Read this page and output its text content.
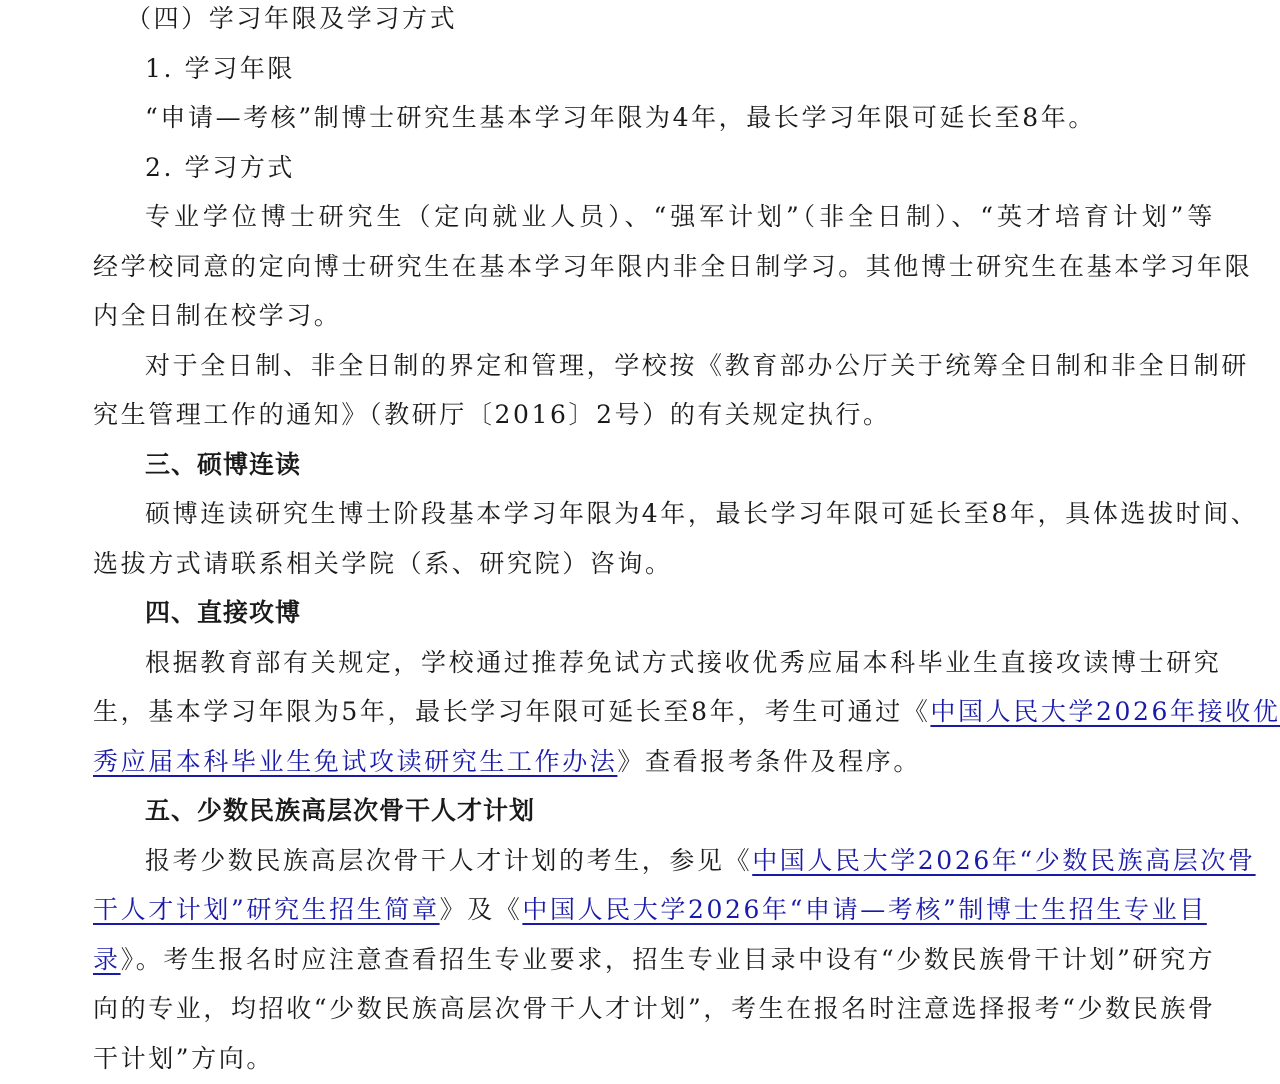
（四）学习年限及学习方式
1. 学习年限
“申请—考核”制博士研究生基本学习年限为4年，最长学习年限可延长至8年。
2. 学习方式
专业学位博士研究生（定向就业人员）、“强军计划”（非全日制）、“英才培育计划”等
经学校同意的定向博士研究生在基本学习年限内非全日制学习。其他博士研究生在基本学习年限
内全日制在校学习。
对于全日制、非全日制的界定和管理，学校按《教育部办公厅关于统筹全日制和非全日制研
究生管理工作的通知》（教研厅〔2016〕2号）的有关规定执行。
三、硕博连读
硕博连读研究生博士阶段基本学习年限为4年，最长学习年限可延长至8年，具体选拔时间、
选拔方式请联系相关学院（系、研究院）咨询。
四、直接攻博
根据教育部有关规定，学校通过推荐免试方式接收优秀应届本科毕业生直接攻读博士研究
生，基本学习年限为5年，最长学习年限可延长至8年，考生可通过《中国人民大学2026年接收优
秀应届本科毕业生免试攻读研究生工作办法》查看报考条件及程序。
五、少数民族高层次骨干人才计划
报考少数民族高层次骨干人才计划的考生，参见《中国人民大学2026年“少数民族高层次骨
干人才计划”研究生招生简章》及《中国人民大学2026年“申请—考核”制博士生招生专业目
录》。考生报名时应注意查看招生专业要求，招生专业目录中设有“少数民族骨干计划”研究方
向的专业，均招收“少数民族高层次骨干人才计划”，考生在报名时注意选择报考“少数民族骨
干计划”方向。
